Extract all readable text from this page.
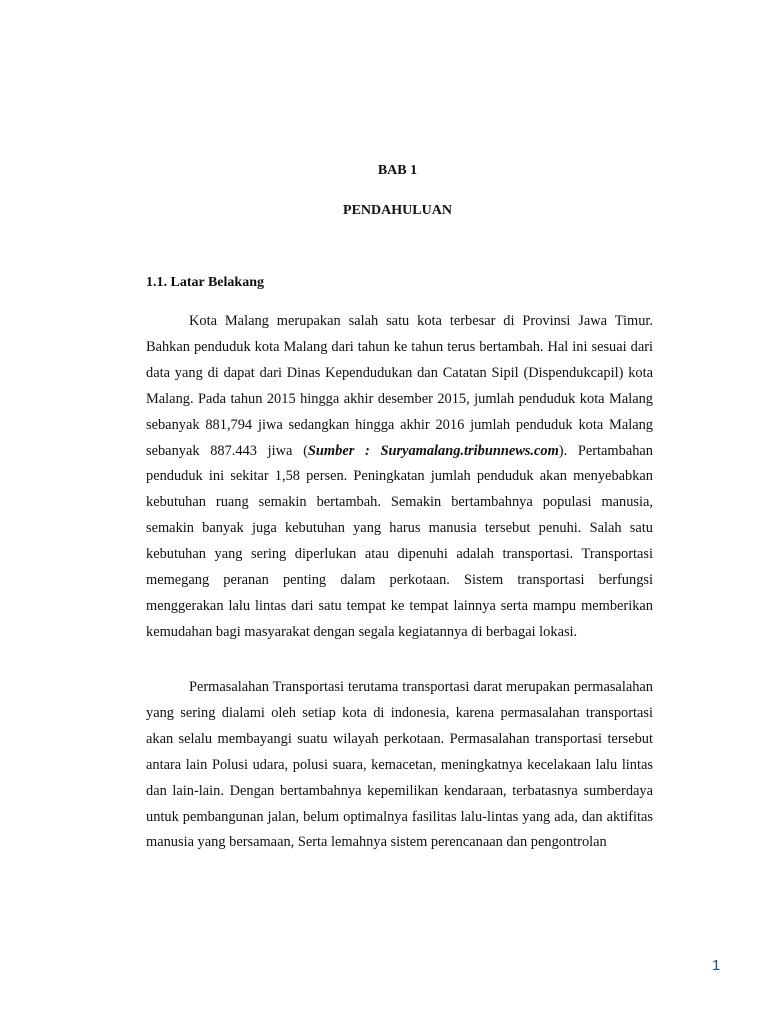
BAB 1
PENDAHULUAN
1.1. Latar Belakang

Kota Malang merupakan salah satu kota terbesar di Provinsi Jawa Timur. Bahkan penduduk kota Malang dari tahun ke tahun terus bertambah. Hal ini sesuai dari data yang di dapat dari Dinas Kependudukan dan Catatan Sipil (Dispendukcapil) kota Malang. Pada tahun 2015 hingga akhir desember 2015, jumlah penduduk kota Malang sebanyak 881,794 jiwa sedangkan hingga akhir 2016 jumlah penduduk kota Malang sebanyak 887.443 jiwa (Sumber : Suryamalang.tribunnews.com). Pertambahan penduduk ini sekitar 1,58 persen. Peningkatan jumlah penduduk akan menyebabkan kebutuhan ruang semakin bertambah. Semakin bertambahnya populasi manusia, semakin banyak juga kebutuhan yang harus manusia tersebut penuhi. Salah satu kebutuhan yang sering diperlukan atau dipenuhi adalah transportasi. Transportasi memegang peranan penting dalam perkotaan. Sistem transportasi berfungsi menggerakan lalu lintas dari satu tempat ke tempat lainnya serta mampu memberikan kemudahan bagi masyarakat dengan segala kegiatannya di berbagai lokasi.

Permasalahan Transportasi terutama transportasi darat merupakan permasalahan yang sering dialami oleh setiap kota di indonesia, karena permasalahan transportasi akan selalu membayangi suatu wilayah perkotaan. Permasalahan transportasi tersebut antara lain Polusi udara, polusi suara, kemacetan, meningkatnya kecelakaan lalu lintas dan lain-lain. Dengan bertambahnya kepemilikan kendaraan, terbatasnya sumberdaya untuk pembangunan jalan, belum optimalnya fasilitas lalu-lintas yang ada, dan aktifitas manusia yang bersamaan, Serta lemahnya sistem perencanaan dan pengontrolan

1
